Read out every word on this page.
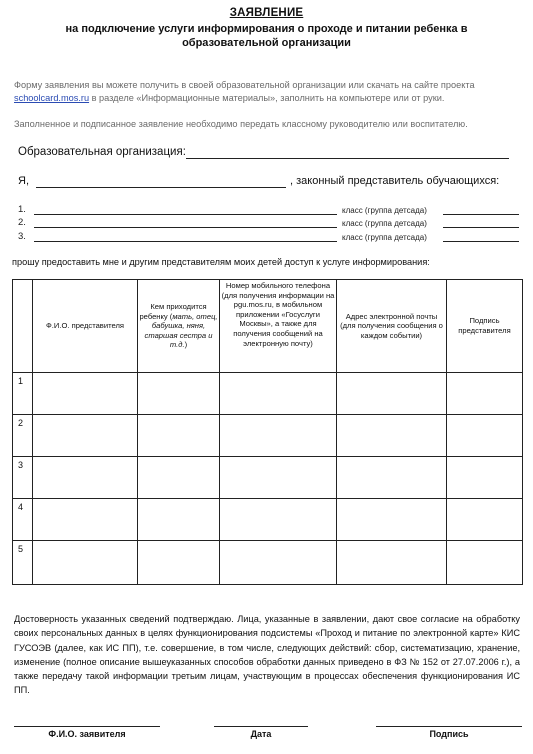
ЗАЯВЛЕНИЕ
на подключение услуги информирования о проходе и питании ребенка в образовательной организации
Форму заявления вы можете получить в своей образовательной организации или скачать на сайте проекта
schoolcard.mos.ru в разделе «Информационные материалы», заполнить на компьютере или от руки.
Заполненное и подписанное заявление необходимо передать классному руководителю или воспитателю.
Образовательная организация:
Я,	, законный представитель обучающихся:
1.	класс (группа детсада)
2.	класс (группа детсада)
3.	класс (группа детсада)
прошу предоставить мне и другим представителям моих детей доступ к услуге информирования:
	Ф.И.О. представителя	Кем приходится ребенку (мать, отец, бабушка, няня, старшая сестра и т.д.)	Номер мобильного телефона (для получения информации на pgu.mos.ru, в мобильном приложении «Госуслуги Москвы», а также для получения сообщений на электронную почту)	Адрес электронной почты (для получения сообщения о каждом событии)	Подпись представителя
1					
2					
3					
4					
5					
Достоверность указанных сведений подтверждаю. Лица, указанные в заявлении, дают свое согласие на обработку своих персональных данных в целях функционирования подсистемы «Проход и питание по электронной карте» КИС ГУСОЭВ (далее, как ИС ПП), т.е. совершение, в том числе, следующих действий: сбор, систематизацию, хранение, изменение (полное описание вышеуказанных способов обработки данных приведено в ФЗ № 152 от 27.07.2006 г.), а также передачу такой информации третьим лицам, участвующим в процессах обеспечения функционирования ИС ПП.
Ф.И.О. заявителя	Дата	Подпись
